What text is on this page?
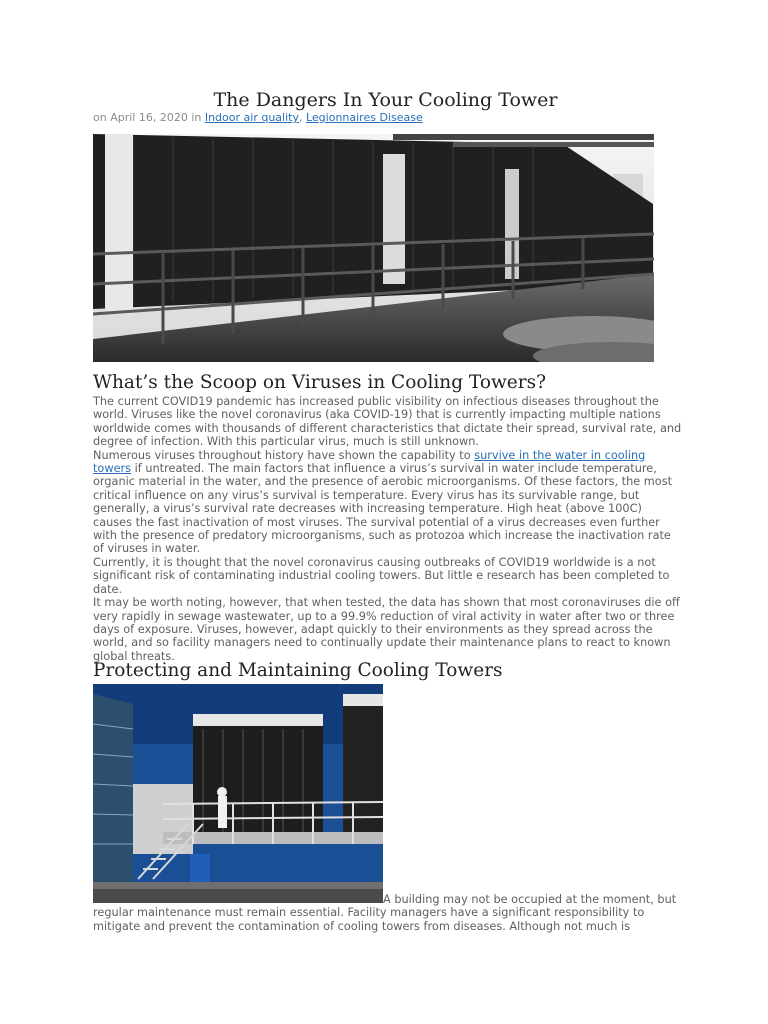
The Dangers In Your Cooling Tower
on April 16, 2020 in Indoor air quality, Legionnaires Disease
What’s the Scoop on Viruses in Cooling Towers?

The current COVID19 pandemic has increased public visibility on infectious diseases throughout the world. Viruses like the novel coronavirus (aka COVID-19) that is currently impacting multiple nations worldwide comes with thousands of different characteristics that dictate their spread, survival rate, and degree of infection. With this particular virus, much is still unknown.

Numerous viruses throughout history have shown the capability to survive in the water in cooling towers if untreated. The main factors that influence a virus’s survival in water include temperature, organic material in the water, and the presence of aerobic microorganisms. Of these factors, the most critical influence on any virus’s survival is temperature. Every virus has its survivable range, but generally, a virus’s survival rate decreases with increasing temperature. High heat (above 100C) causes the fast inactivation of most viruses. The survival potential of a virus decreases even further with the presence of predatory microorganisms, such as protozoa which increase the inactivation rate of viruses in water.

Currently, it is thought that the novel coronavirus causing outbreaks of COVID19 worldwide is a not significant risk of contaminating industrial cooling towers. But little e research has been completed to date.

It may be worth noting, however, that when tested, the data has shown that most coronaviruses die off very rapidly in sewage wastewater, up to a 99.9% reduction of viral activity in water after two or three days of exposure. Viruses, however, adapt quickly to their environments as they spread across the world, and so facility managers need to continually update their maintenance plans to react to known global threats.

Protecting and Maintaining Cooling Towers

A building may not be occupied at the moment, but regular maintenance must remain essential. Facility managers have a significant responsibility to mitigate and prevent the contamination of cooling towers from diseases. Although not much is
